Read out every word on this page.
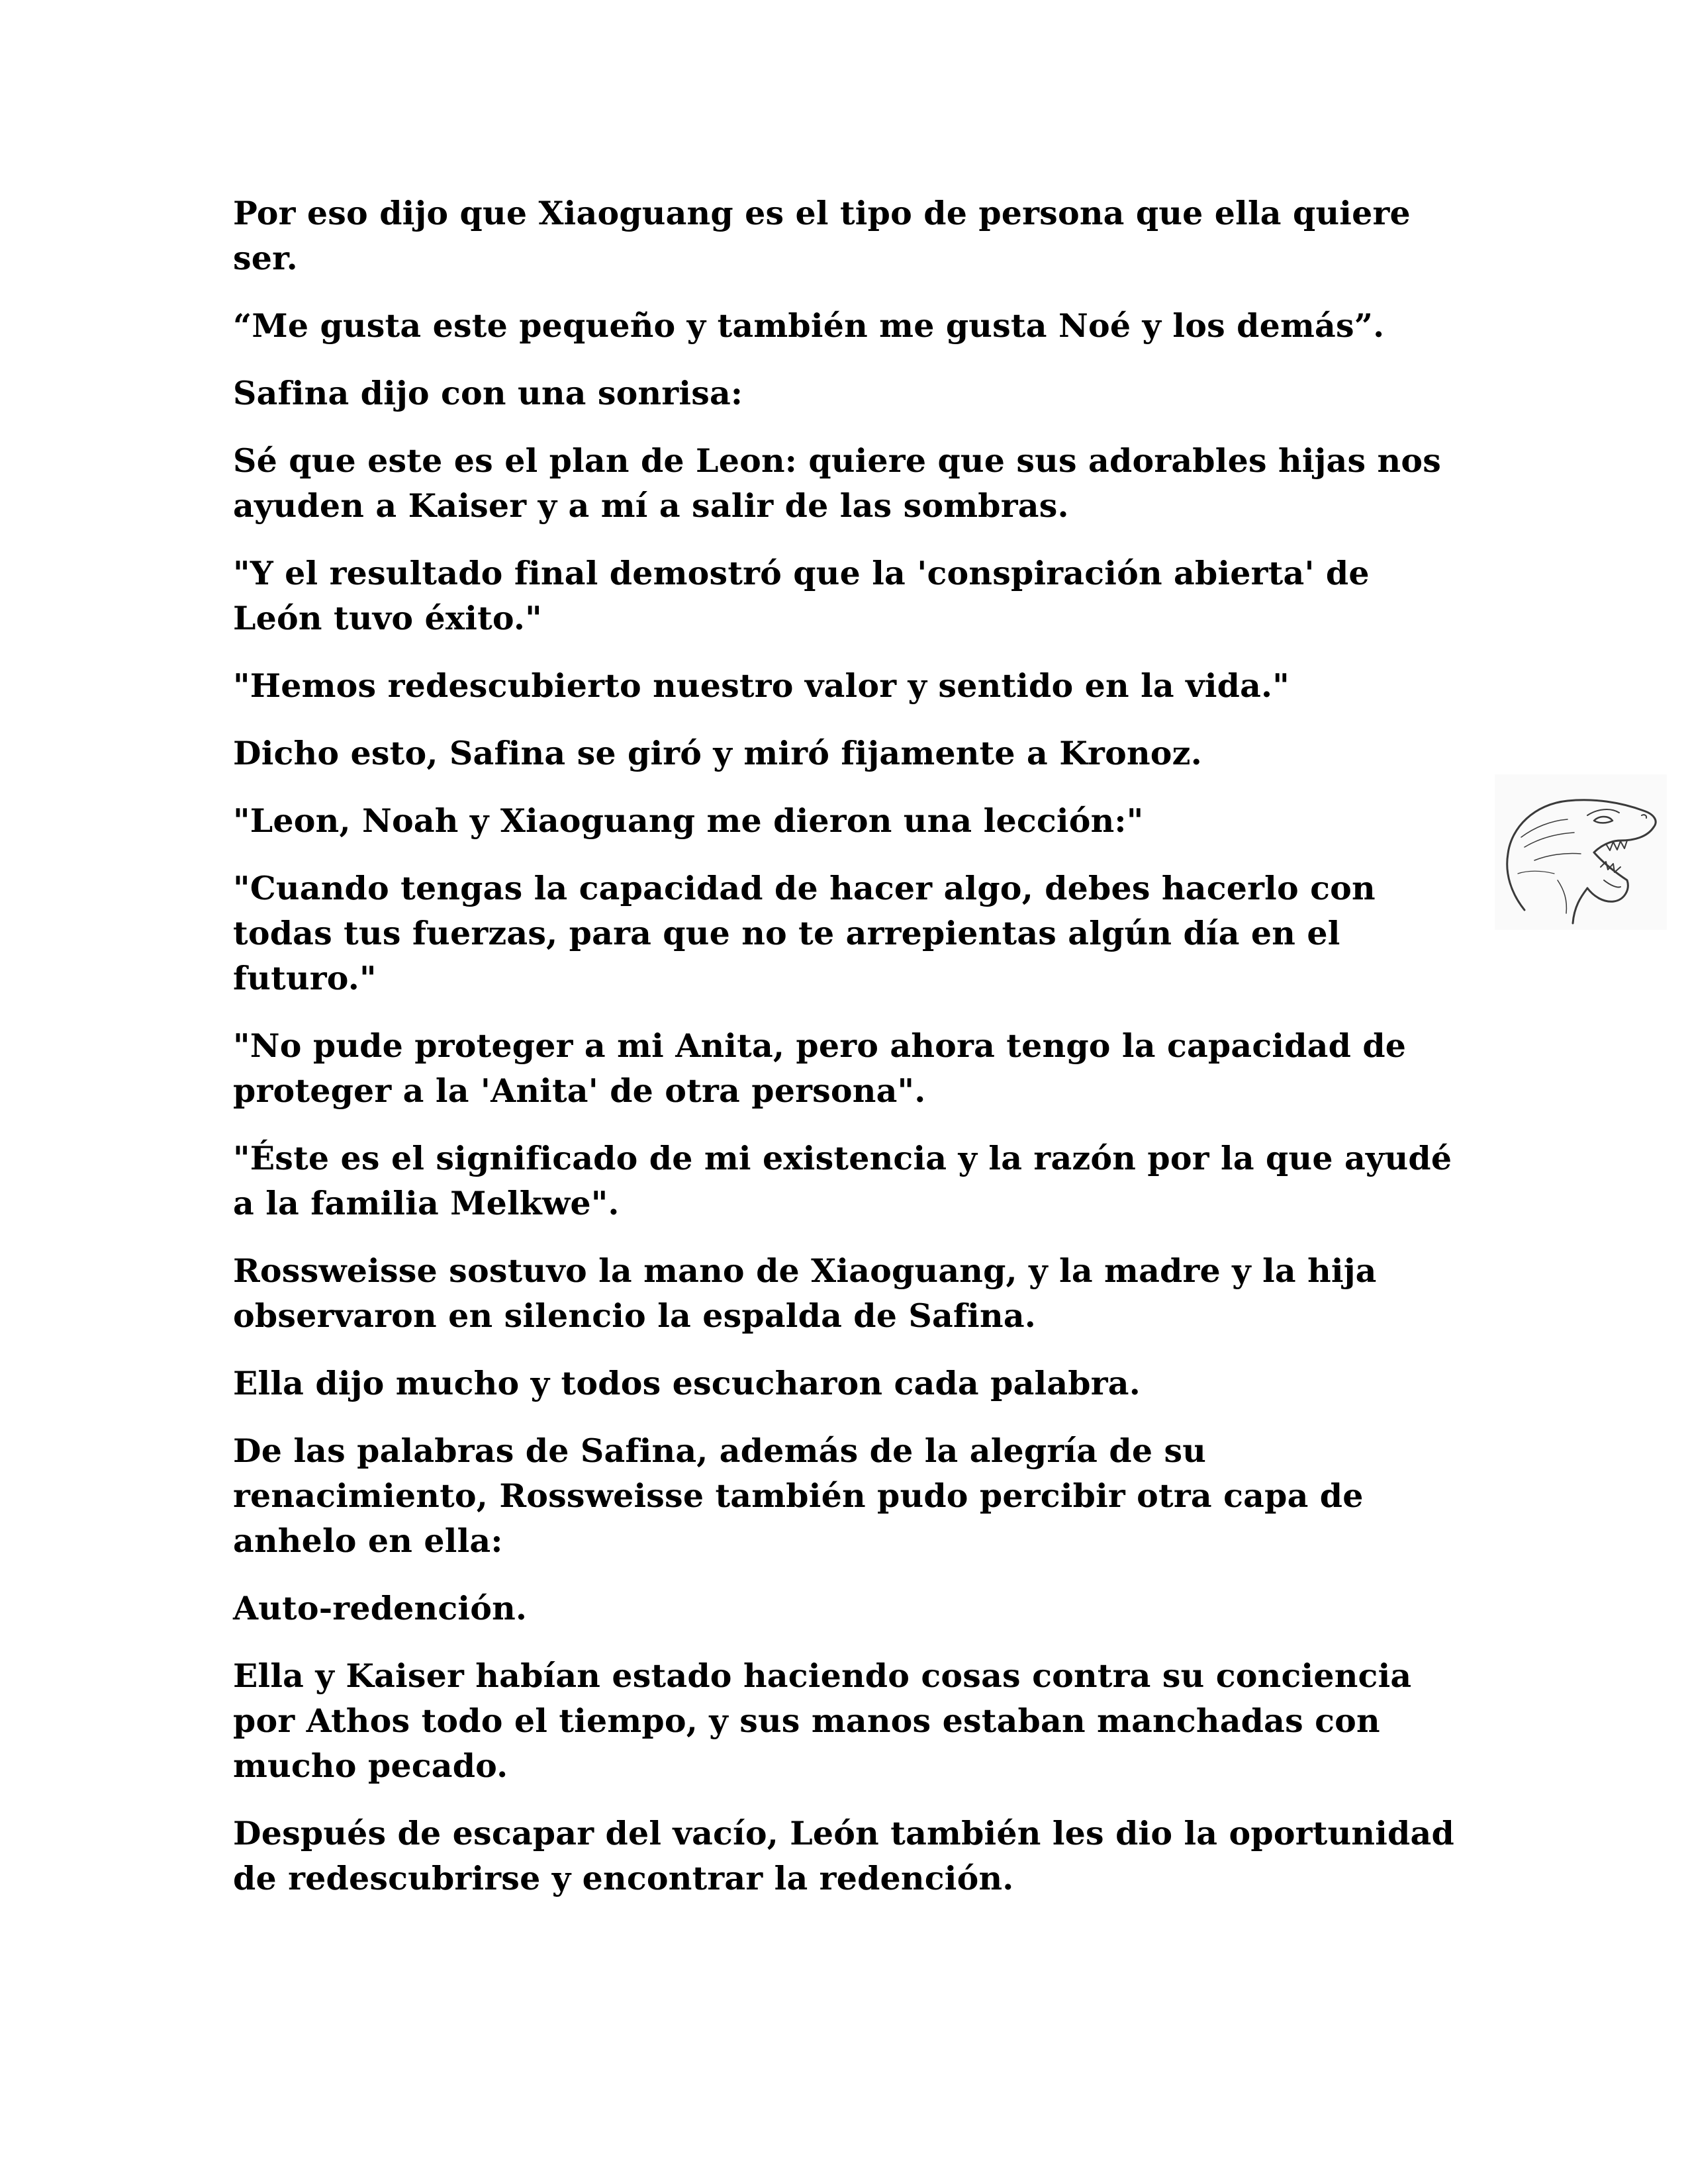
Por eso dijo que Xiaoguang es el tipo de persona que ella quiere ser.

“Me gusta este pequeño y también me gusta Noé y los demás”.

Safina dijo con una sonrisa:

Sé que este es el plan de Leon: quiere que sus adorables hijas nos ayuden a Kaiser y a mí a salir de las sombras.

"Y el resultado final demostró que la 'conspiración abierta' de León tuvo éxito."

"Hemos redescubierto nuestro valor y sentido en la vida."

Dicho esto, Safina se giró y miró fijamente a Kronoz.

"Leon, Noah y Xiaoguang me dieron una lección:"

"Cuando tengas la capacidad de hacer algo, debes hacerlo con todas tus fuerzas, para que no te arrepientas algún día en el futuro."

"No pude proteger a mi Anita, pero ahora tengo la capacidad de proteger a la 'Anita' de otra persona".

"Éste es el significado de mi existencia y la razón por la que ayudé a la familia Melkwe".

Rossweisse sostuvo la mano de Xiaoguang, y la madre y la hija observaron en silencio la espalda de Safina.

Ella dijo mucho y todos escucharon cada palabra.

De las palabras de Safina, además de la alegría de su renacimiento, Rossweisse también pudo percibir otra capa de anhelo en ella:

Auto-redención.

Ella y Kaiser habían estado haciendo cosas contra su conciencia por Athos todo el tiempo, y sus manos estaban manchadas con mucho pecado.

Después de escapar del vacío, León también les dio la oportunidad de redescubrirse y encontrar la redención.
